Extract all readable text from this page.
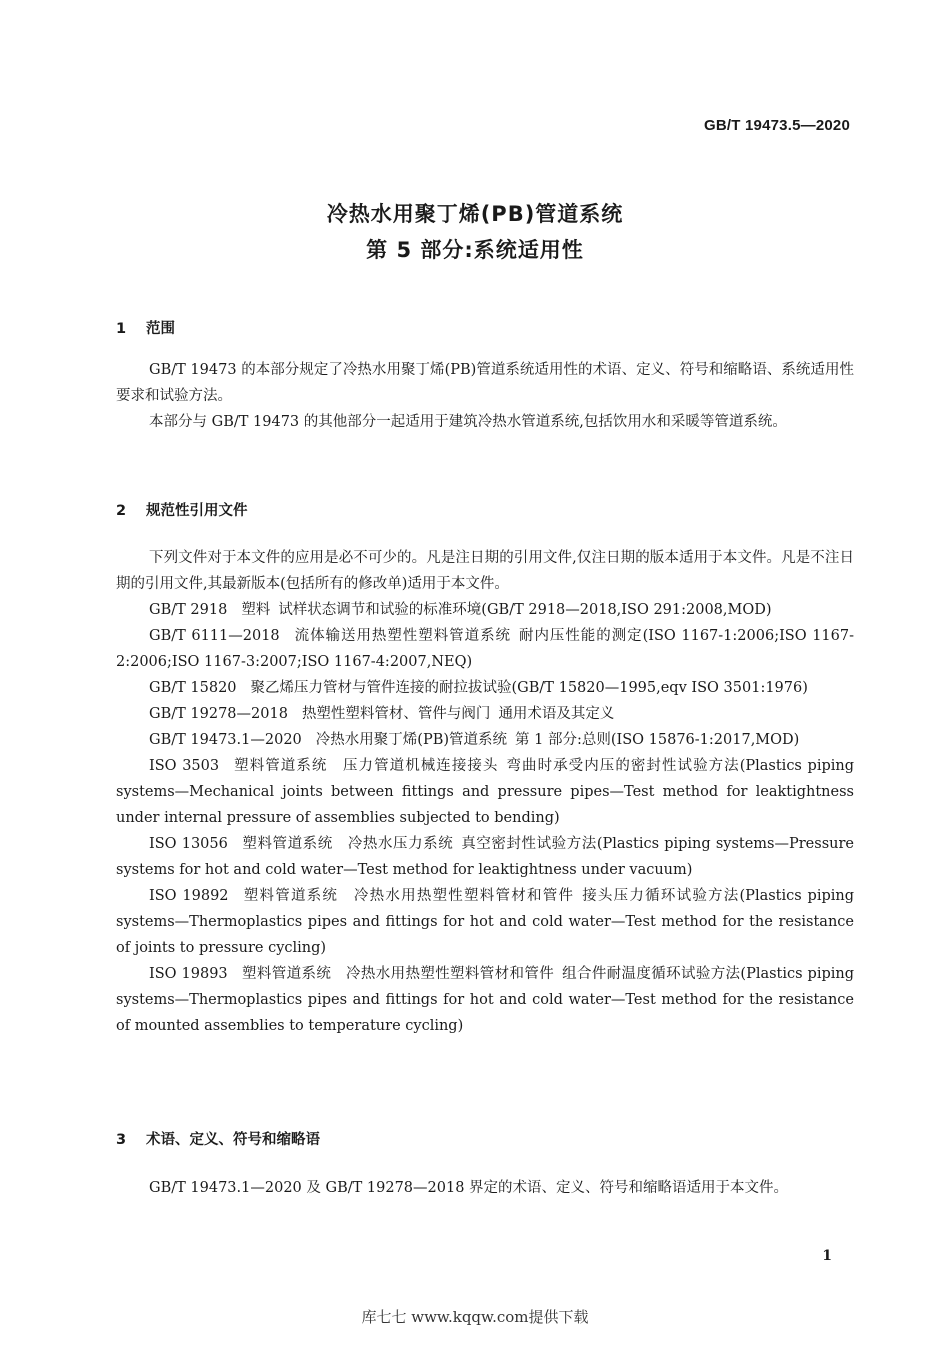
GB/T 19473.5—2020
冷热水用聚丁烯(PB)管道系统
第 5 部分:系统适用性
1 范围

GB/T 19473 的本部分规定了冷热水用聚丁烯(PB)管道系统适用性的术语、定义、符号和缩略语、系统适用性要求和试验方法。

本部分与 GB/T 19473 的其他部分一起适用于建筑冷热水管道系统,包括饮用水和采暖等管道系统。

2 规范性引用文件

下列文件对于本文件的应用是必不可少的。凡是注日期的引用文件,仅注日期的版本适用于本文件。凡是不注日期的引用文件,其最新版本(包括所有的修改单)适用于本文件。

GB/T 2918 塑料 试样状态调节和试验的标准环境(GB/T 2918—2018,ISO 291:2008,MOD)

GB/T 6111—2018 流体输送用热塑性塑料管道系统 耐内压性能的测定(ISO 1167-1:2006;ISO 1167-2:2006;ISO 1167-3:2007;ISO 1167-4:2007,NEQ)

GB/T 15820 聚乙烯压力管材与管件连接的耐拉拔试验(GB/T 15820—1995,eqv ISO 3501:1976)

GB/T 19278—2018 热塑性塑料管材、管件与阀门 通用术语及其定义

GB/T 19473.1—2020 冷热水用聚丁烯(PB)管道系统 第 1 部分:总则(ISO 15876-1:2017,MOD)

ISO 3503 塑料管道系统　压力管道机械连接接头 弯曲时承受内压的密封性试验方法(Plastics piping systems—Mechanical joints between fittings and pressure pipes—Test method for leaktightness under internal pressure of assemblies subjected to bending)

ISO 13056 塑料管道系统　冷热水压力系统 真空密封性试验方法(Plastics piping systems—Pressure systems for hot and cold water—Test method for leaktightness under vacuum)

ISO 19892 塑料管道系统　冷热水用热塑性塑料管材和管件 接头压力循环试验方法(Plastics piping systems—Thermoplastics pipes and fittings for hot and cold water—Test method for the resistance of joints to pressure cycling)

ISO 19893 塑料管道系统　冷热水用热塑性塑料管材和管件 组合件耐温度循环试验方法(Plastics piping systems—Thermoplastics pipes and fittings for hot and cold water—Test method for the resistance of mounted assemblies to temperature cycling)

3 术语、定义、符号和缩略语

GB/T 19473.1—2020 及 GB/T 19278—2018 界定的术语、定义、符号和缩略语适用于本文件。

1
库七七 www.kqqw.com提供下载
